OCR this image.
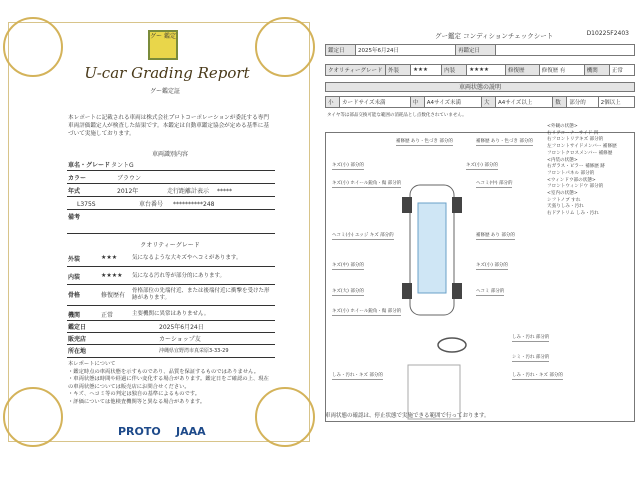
グー 鑑定
U-car Grading Report
グー鑑定証
本レポートに記載される車両は株式会社プロトコーポレーションが委託する専門車両評価鑑定人が検査した結果です。本鑑定は自動車鑑定協会が定める基準に基づいて実施しております。
車両識別内容
車名・グレード タントG
カラー	ブラウン
年式	2012年	走行距離計表示 *****
L375S	車台番号 **********248
備考
クオリティーグレード
外装	★★★	気になるような大キズやヘコミがあります。
内装	★★★★ 気になる汚れ等が部分的にあります。
骨格	修復歴有
骨格部位の先端付近、または後端付近に衝撃を受けた形跡があります。
機関	正常	主要機関に異常はありません。
鑑定日	2025年6月24日
販売店	カーショップ友
所在地	沖縄県宜野湾市真栄原3-33-29
本レポートについて
・鑑定時点の車両状態を示すものであり、品質を保証するものではありません。
・車両状態は時間や経過に伴い変化する場合があります。鑑定日をご確認の上、現在の車両状態については販売店にお問合せください。
・キズ、ヘコミ等の判定は独自の基準によるものです。
・評価については他検査機関等と異なる場合があります。
PROTO JAAA
D10225F2403
グー鑑定 コンディションチェックシート
鑑定日	2025年6月24日	再鑑定日	
クオリティーグレード	外装	★★★	内装	★★★★	修復歴	修復歴 有	機関	正常
車両状態の説明
小	カードサイズ未満	中	A4サイズ未満	大	A4サイズ以上	数	部分的	2個以上
タイヤ等は部品交換可能な範囲の消耗品とし点数化されていません。
補修歴 あり・色づき 部分的	補修歴 あり・色づき 部分的
キズ(小) 部分的	キズ(小) 部分的
キズ(小) ホイール鋭角・傷 部分的	ヘコミ(中) 部分的
ヘコミ(小) エッジ キズ 部分的	補修歴 あり 部分的
キズ(中) 部分的	キズ(小) 部分的
キズ(大) 部分的	ヘコミ 部分的
キズ(小) ホイール鋭角・傷 部分的
しみ・汚れ 部分的
シミ・汚れ 部分的
しみ・汚れ・キズ 部分的	しみ・汚れ・キズ 部分的
<外観の状態>
右リアコーナーサイド 凹
右フロントリアキズ 部分的
左フロントサイドメンバー 補修歴
フロントクロスメンバー 補修歴
<内装の状態>
右ガラス・ピラー 補修歴 跡
フロントパネル 部分的
<ウィンドウ部の状態>
フロントウィンドウ 部分的
<室内の状態>
シフトノブ すれ
天張りしみ・汚れ
右ドアトリム しみ・汚れ
車両状態の確認は、停止状態で実施できる範囲で行っております。
